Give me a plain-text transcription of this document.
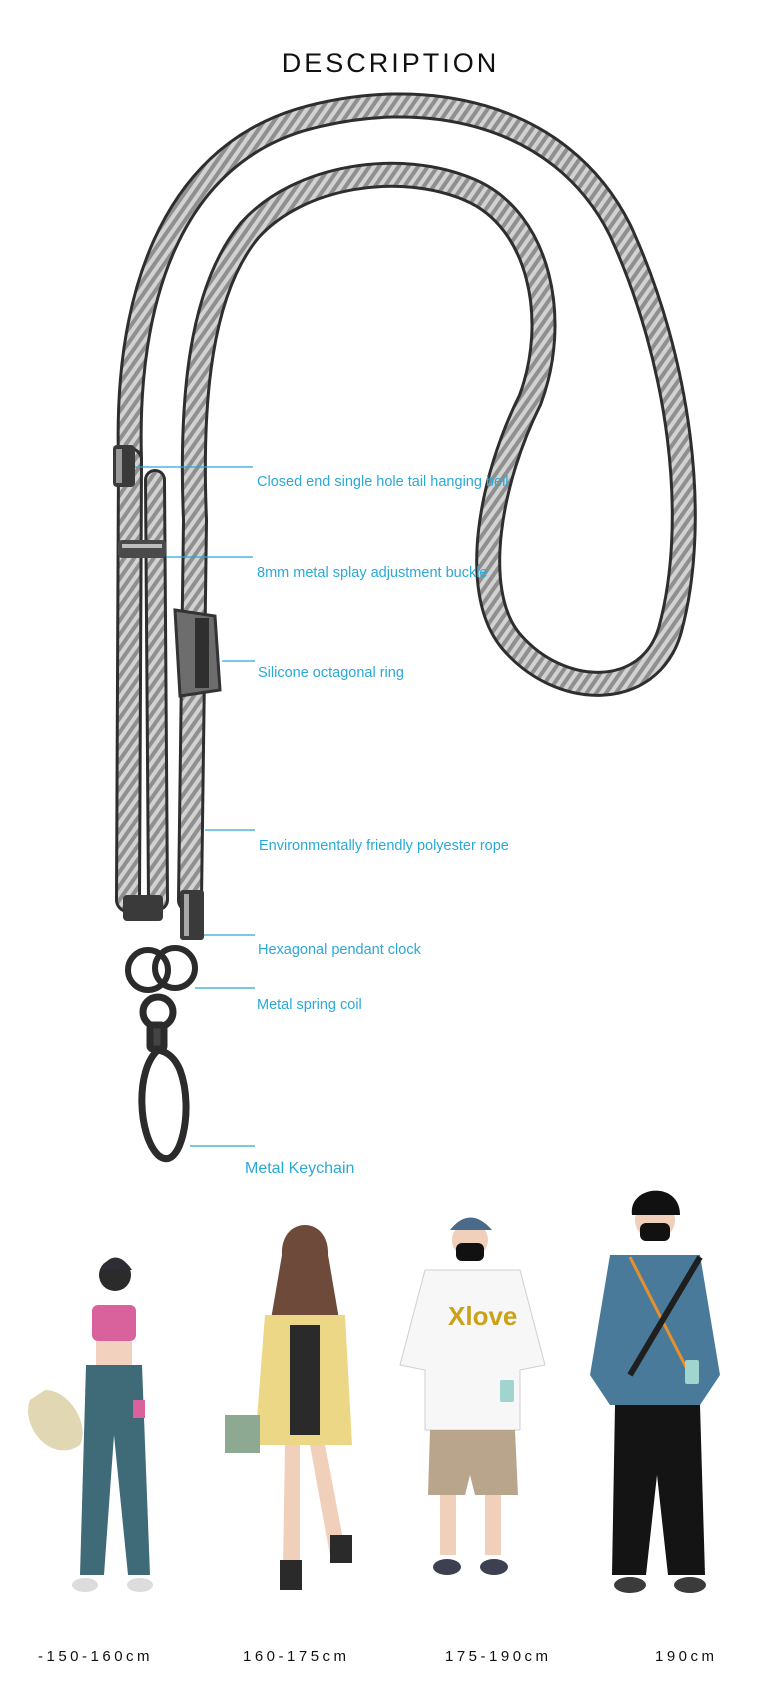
DESCRIPTION
Closed end single hole tail hanging bell
8mm metal splay adjustment buckle
Silicone octagonal ring
Environmentally friendly polyester rope
Hexagonal pendant clock
Metal spring coil
Metal Keychain
Xlove
-150-160cm	160-175cm	175-190cm	190cm
